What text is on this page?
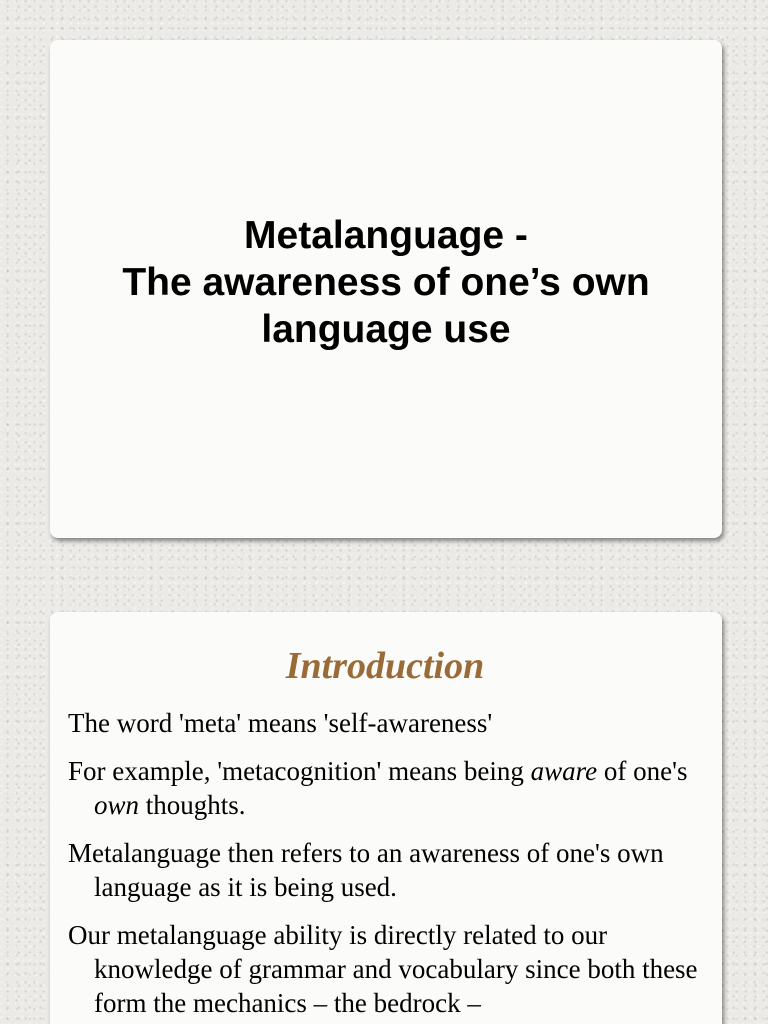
Metalanguage -
The awareness of one’s own
language use
Introduction

The word 'meta' means 'self-awareness'

For example, 'metacognition' means being aware of one's own thoughts.

Metalanguage then refers to an awareness of one's own language as it is being used.

Our metalanguage ability is directly related to our knowledge of grammar and vocabulary since both these form the mechanics – the bedrock –
